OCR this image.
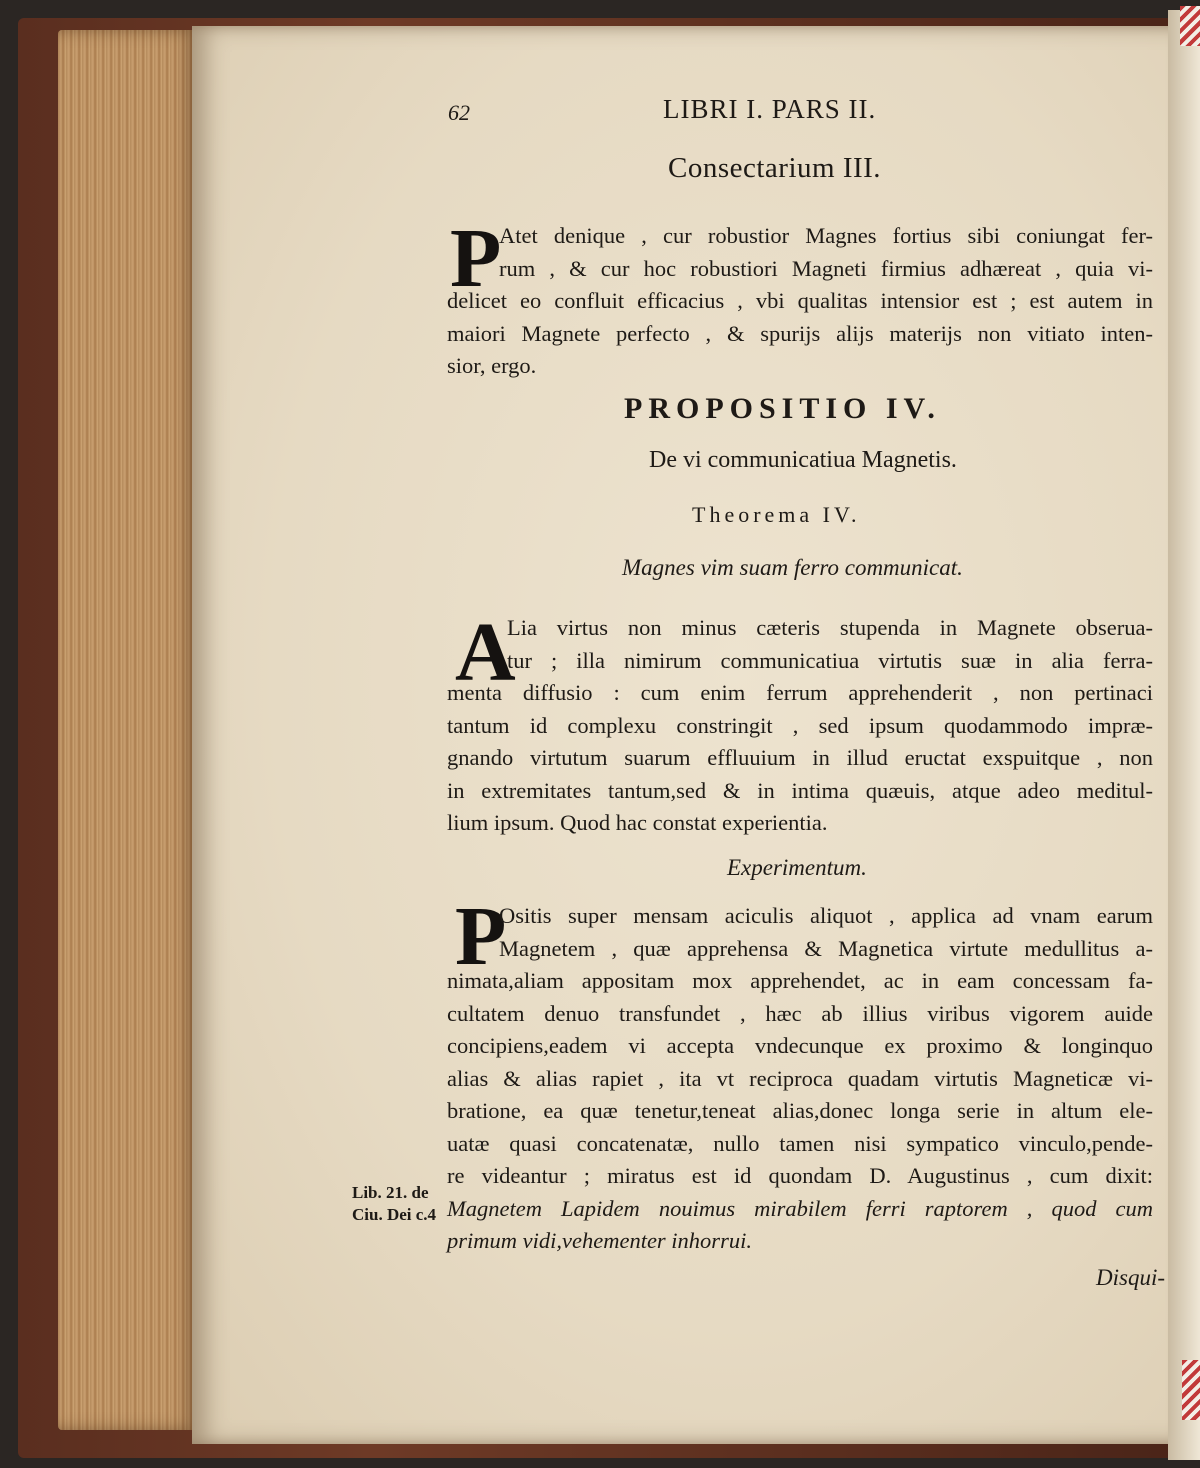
62	LIBRI I. PARS II.
Consectarium III.
P
Atet denique , cur robustior Magnes fortius sibi coniungat fer-
rum , & cur hoc robustiori Magneti firmius adhæreat , quia vi-
delicet eo confluit efficacius , vbi qualitas intensior est ; est autem in
maiori Magnete perfecto , & spurijs alijs materijs non vitiato inten-
sior, ergo.
PROPOSITIO IV.
De vi communicatiua Magnetis.
Theorema IV.
Magnes vim suam ferro communicat.
A
Lia virtus non minus cæteris stupenda in Magnete obserua-
tur ; illa nimirum communicatiua virtutis suæ in alia ferra-
menta diffusio : cum enim ferrum apprehenderit , non pertinaci
tantum id complexu constringit , sed ipsum quodammodo impræ-
gnando virtutum suarum effluuium in illud eructat exspuitque , non
in extremitates tantum,sed & in intima quæuis, atque adeo meditul-
lium ipsum. Quod hac constat experientia.
Experimentum.
P
Ositis super mensam aciculis aliquot , applica ad vnam earum
Magnetem , quæ apprehensa & Magnetica virtute medullitus a-
nimata,aliam appositam mox apprehendet, ac in eam concessam fa-
cultatem denuo transfundet , hæc ab illius viribus vigorem auide
concipiens,eadem vi accepta vndecunque ex proximo & longinquo
alias & alias rapiet , ita vt reciproca quadam virtutis Magneticæ vi-
bratione, ea quæ tenetur,teneat alias,donec longa serie in altum ele-
uatæ quasi concatenatæ, nullo tamen nisi sympatico vinculo,pende-
re videantur ; miratus est id quondam D. Augustinus , cum dixit:
Magnetem Lapidem nouimus mirabilem ferri raptorem , quod cum
primum vidi,vehementer inhorrui.
Lib. 21. de
Ciu. Dei c.4
Disqui-
